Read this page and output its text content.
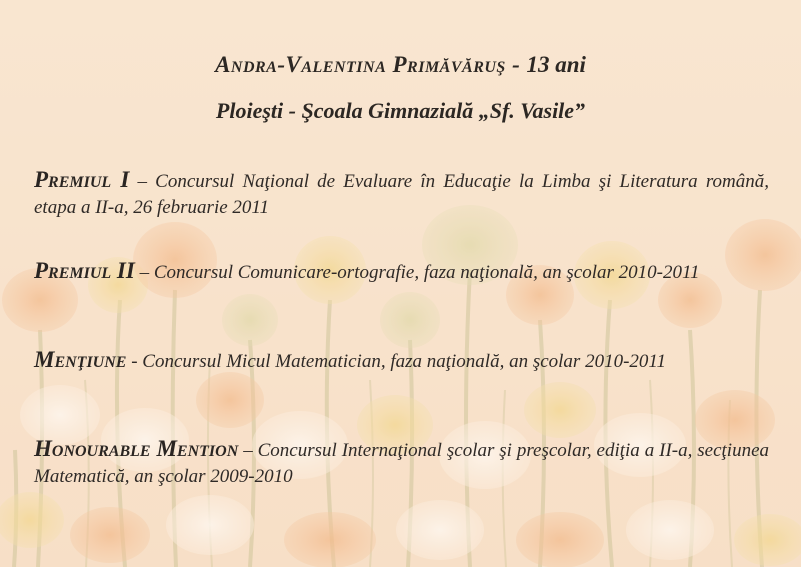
Andra-Valentina Primăvăruş - 13 ani
Ploieşti - Şcoala Gimnazială „Sf. Vasile”
Premiul I – Concursul Naţional de Evaluare în Educaţie la Limba şi Literatura română, etapa a II-a, 26 februarie 2011
Premiul II – Concursul Comunicare-ortografie, faza naţională, an şcolar 2010-2011
Menţiune - Concursul Micul Matematician, faza naţională, an şcolar 2010-2011
Honourable Mention – Concursul Internaţional şcolar şi preşcolar, ediţia a II-a, secţiunea Matematică, an şcolar 2009-2010
